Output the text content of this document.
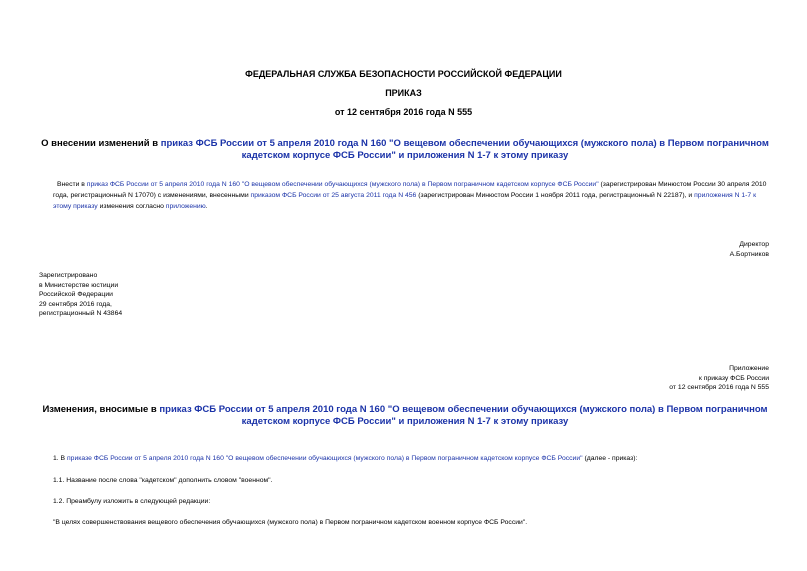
ФЕДЕРАЛЬНАЯ СЛУЖБА БЕЗОПАСНОСТИ РОССИЙСКОЙ ФЕДЕРАЦИИ
ПРИКАЗ
от 12 сентября 2016 года N 555
О внесении изменений в приказ ФСБ России от 5 апреля 2010 года N 160 "О вещевом обеспечении обучающихся (мужского пола) в Первом пограничном кадетском корпусе ФСБ России" и приложения N 1-7 к этому приказу
Внести в приказ ФСБ России от 5 апреля 2010 года N 160 "О вещевом обеспечении обучающихся (мужского пола) в Первом пограничном кадетском корпусе ФСБ России" (зарегистрирован Минюстом России 30 апреля 2010 года, регистрационный N 17070) с изменениями, внесенными приказом ФСБ России от 25 августа 2011 года N 456 (зарегистрирован Минюстом России 1 ноября 2011 года, регистрационный N 22187), и приложения N 1-7 к этому приказу изменения согласно приложению.
Директор
А.Бортников
Зарегистрировано
в Министерстве юстиции
Российской Федерации
29 сентября 2016 года,
регистрационный N 43864
Приложение
к приказу ФСБ России
от 12 сентября 2016 года N 555
Изменения, вносимые в приказ ФСБ России от 5 апреля 2010 года N 160 "О вещевом обеспечении обучающихся (мужского пола) в Первом пограничном кадетском корпусе ФСБ России" и приложения N 1-7 к этому приказу
1. В приказе ФСБ России от 5 апреля 2010 года N 160 "О вещевом обеспечении обучающихся (мужского пола) в Первом пограничном кадетском корпусе ФСБ России" (далее - приказ):
1.1. Название после слова "кадетском" дополнить словом "военном".
1.2. Преамбулу изложить в следующей редакции:
"В целях совершенствования вещевого обеспечения обучающихся (мужского пола) в Первом пограничном кадетском военном корпусе ФСБ России".
